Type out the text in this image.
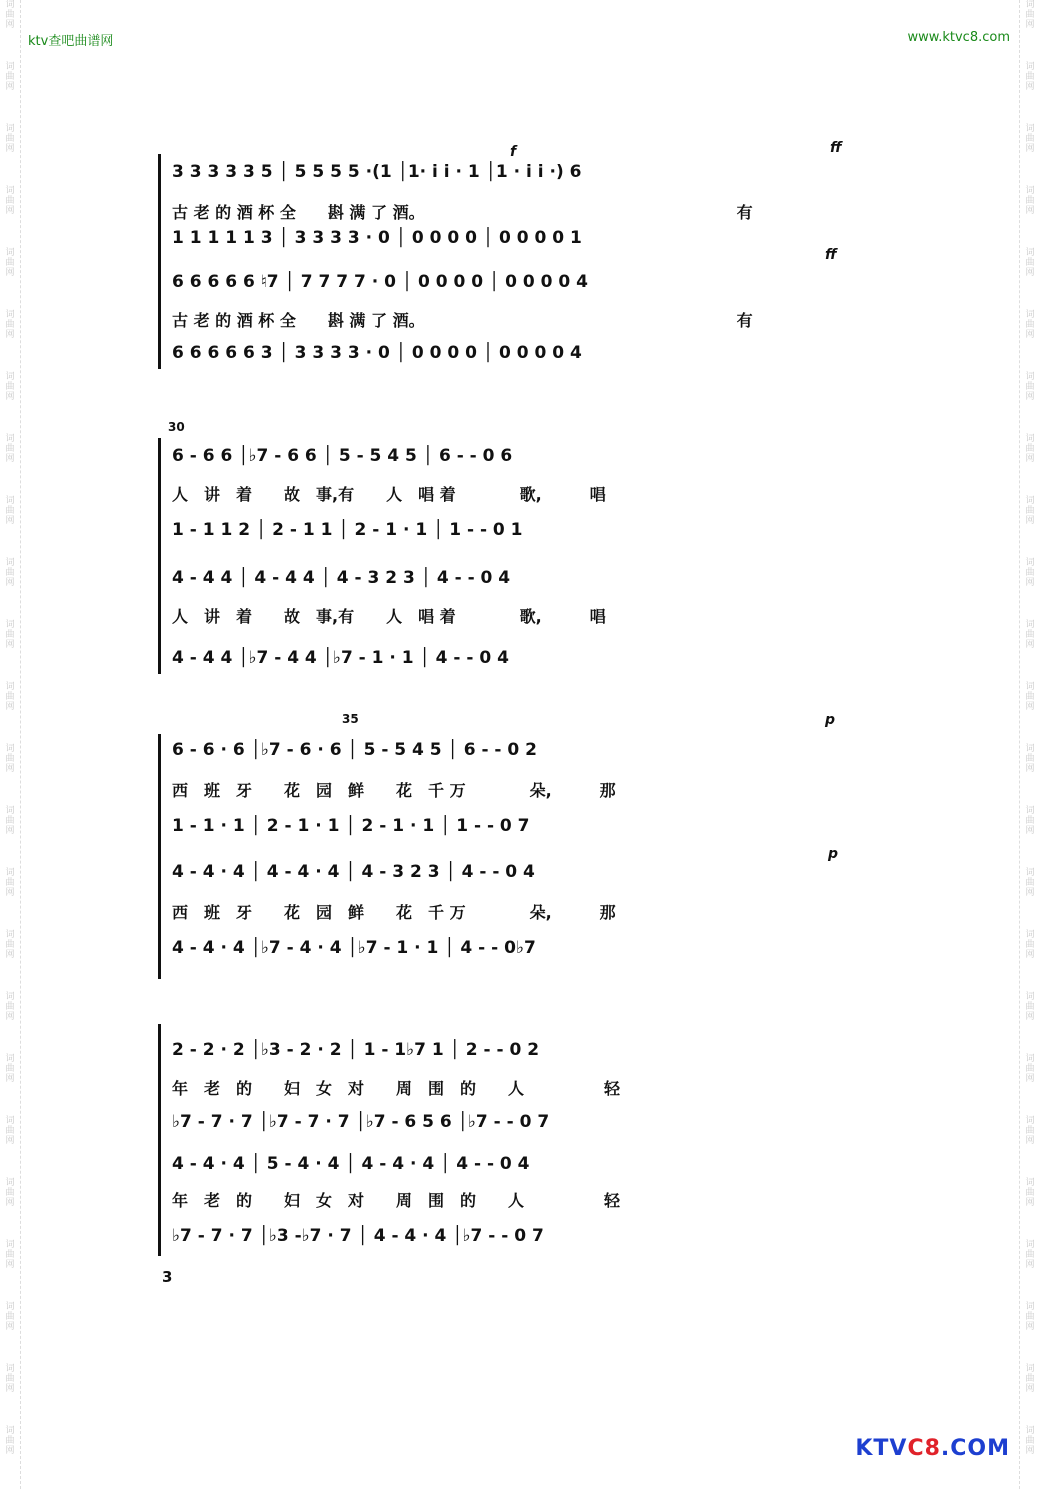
词
曲
网
词
曲
网
词
曲
网
词
曲
网
词
曲
网
词
曲
网
词
曲
网
词
曲
网
词
曲
网
词
曲
网
词
曲
网
词
曲
网
词
曲
网
词
曲
网
词
曲
网
词
曲
网
词
曲
网
词
曲
网
词
曲
网
词
曲
网
词
曲
网
词
曲
网
词
曲
网
词
曲
网
词
曲
网
词
曲
网
词
曲
网
词
曲
网
词
曲
网
词
曲
网
词
曲
网
词
曲
网
词
曲
网
词
曲
网
词
曲
网
词
曲
网
词
曲
网
词
曲
网
词
曲
网
词
曲
网
词
曲
网
词
曲
网
词
曲
网
词
曲
网
词
曲
网
词
曲
网
词
曲
网
词
曲
网
ktv查吧曲谱网	www.ktvc8.com
3 3 3 3 3 5 │ 5 5 5 5 ·(1 │1· i i · 1 │1 · i i ·) 6
古 老 的 酒 杯 全　　斟 满 了 酒。　　　　　　　　　　　　　　　　　　　　有
1 1 1 1 1 3 │ 3 3 3 3 · 0 │ 0 0 0 0 │ 0 0 0 0 1
6 6 6 6 6 ♮7 │ 7 7 7 7 · 0 │ 0 0 0 0 │ 0 0 0 0 4
古 老 的 酒 杯 全　　斟 满 了 酒。　　　　　　　　　　　　　　　　　　　　有
6 6 6 6 6 3 │ 3 3 3 3 · 0 │ 0 0 0 0 │ 0 0 0 0 4
f	ff
ff
30
6 - 6 6 │♭7 - 6 6 │ 5 - 5 4 5 │ 6 - - 0 6
人　讲　着　　故　事,有　　人　唱 着　　　　歌,　　　唱
1 - 1 1 2 │ 2 - 1 1 │ 2 - 1 · 1 │ 1 - - 0 1
4 - 4 4 │ 4 - 4 4 │ 4 - 3 2 3 │ 4 - - 0 4
人　讲　着　　故　事,有　　人　唱 着　　　　歌,　　　唱
4 - 4 4 │♭7 - 4 4 │♭7 - 1 · 1 │ 4 - - 0 4
35	p
6 - 6 · 6 │♭7 - 6 · 6 │ 5 - 5 4 5 │ 6 - - 0 2
西　班　牙　　花　园　鲜　　花　千 万　　　　朵,　　　那
1 - 1 · 1 │ 2 - 1 · 1 │ 2 - 1 · 1 │ 1 - - 0 7
p
4 - 4 · 4 │ 4 - 4 · 4 │ 4 - 3 2 3 │ 4 - - 0 4
西　班　牙　　花　园　鲜　　花　千 万　　　　朵,　　　那
4 - 4 · 4 │♭7 - 4 · 4 │♭7 - 1 · 1 │ 4 - - 0♭7
2 - 2 · 2 │♭3 - 2 · 2 │ 1 - 1♭7 1 │ 2 - - 0 2
年　老　的　　妇　女　对　　周　围　的　　人　　　　　轻
♭7 - 7 · 7 │♭7 - 7 · 7 │♭7 - 6 5 6 │♭7 - - 0 7
4 - 4 · 4 │ 5 - 4 · 4 │ 4 - 4 · 4 │ 4 - - 0 4
年　老　的　　妇　女　对　　周　围　的　　人　　　　　轻
♭7 - 7 · 7 │♭3 -♭7 · 7 │ 4 - 4 · 4 │♭7 - - 0 7
3
KTVC8.COM
